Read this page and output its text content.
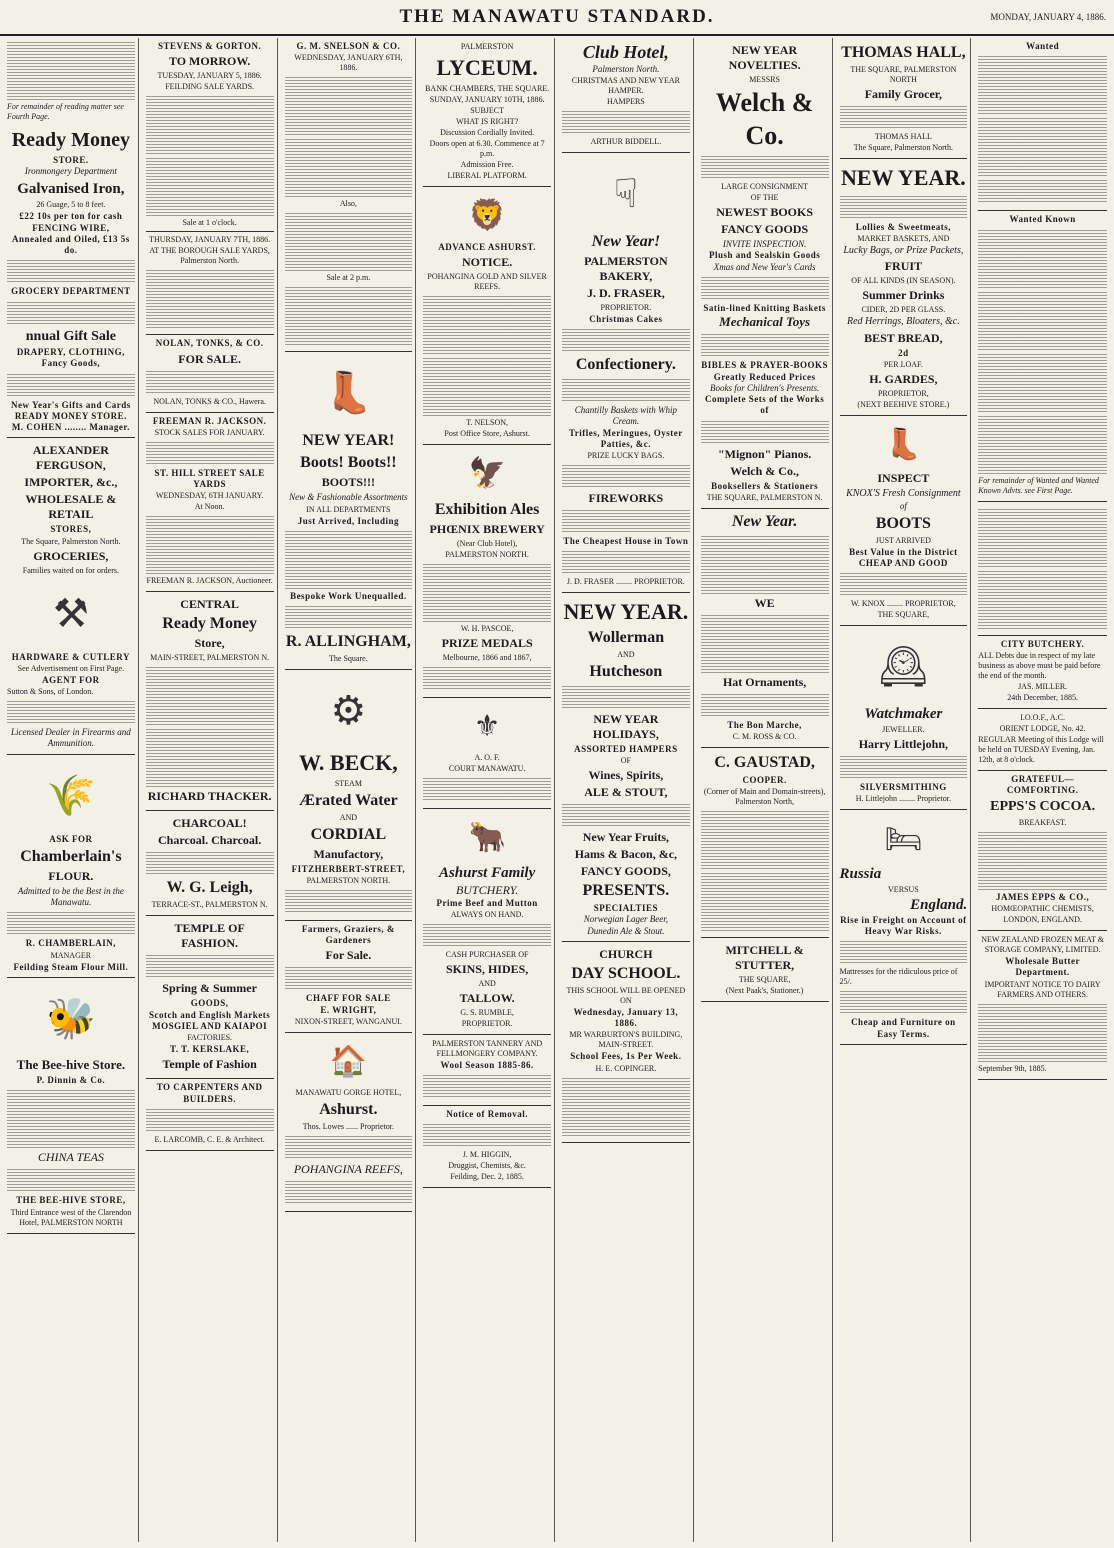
THE MANAWATU STANDARD.	MONDAY, JANUARY 4, 1886.
For remainder of reading matter see Fourth Page.
Ready Money
STORE.
Ironmongery Department
Galvanised Iron,
26 Guage, 5 to 8 feet.
£22 10s per ton for cash
FENCING WIRE,
Annealed and Oiled, £13 5s do.
GROCERY DEPARTMENT
nnual Gift Sale
DRAPERY, CLOTHING,
Fancy Goods,
New Year's Gifts and Cards
READY MONEY STORE.
M. COHEN ........ Manager.
ALEXANDER FERGUSON,
IMPORTER, &c.,
WHOLESALE & RETAIL
STORES,
The Square, Palmerston North.
GROCERIES,
Families waited on for orders.
⚒
HARDWARE & CUTLERY
See Advertisement on First Page.
AGENT FOR
Sutton & Sons, of London.
Licensed Dealer in Firearms and Ammunition.
🌾
ASK FOR
Chamberlain's
FLOUR.
Admitted to be the Best in the Manawatu.
R. CHAMBERLAIN,
MANAGER
Feilding Steam Flour Mill.
🐝
The Bee-hive Store.
P. Dinnin & Co.
CHINA TEAS
THE BEE-HIVE STORE,
Third Entrance west of the Clarendon Hotel, PALMERSTON NORTH
STEVENS & GORTON.
TO MORROW.
TUESDAY, JANUARY 5, 1886.
FEILDING SALE YARDS.
Sale at 1 o'clock.
THURSDAY, JANUARY 7TH, 1886.
AT THE BOROUGH SALE YARDS, Palmerston North.
NOLAN, TONKS, & CO.
FOR SALE.
NOLAN, TONKS & CO., Hawera.
FREEMAN R. JACKSON.
STOCK SALES FOR JANUARY.
ST. HILL STREET SALE YARDS
WEDNESDAY, 6TH JANUARY.
At Noon.
FREEMAN R. JACKSON, Auctioneer.
CENTRAL
Ready Money
Store,
MAIN-STREET, PALMERSTON N.
RICHARD THACKER.
CHARCOAL!
Charcoal. Charcoal.
W. G. Leigh,
TERRACE-ST., PALMERSTON N.
TEMPLE OF FASHION.
Spring & Summer
GOODS,
Scotch and English Markets
MOSGIEL AND KAIAPOI
FACTORIES.
T. T. KERSLAKE,
Temple of Fashion
TO CARPENTERS AND BUILDERS.
E. LARCOMB, C. E. & Architect.
G. M. SNELSON & CO.
WEDNESDAY, JANUARY 6TH, 1886.
Also,
Sale at 2 p.m.
👢
NEW YEAR!
Boots! Boots!!
BOOTS!!!
New & Fashionable Assortments
IN ALL DEPARTMENTS
Just Arrived, Including
Bespoke Work Unequalled.
R. ALLINGHAM,
The Square.
⚙
W. BECK,
STEAM
Ærated Water
AND
CORDIAL
Manufactory,
FITZHERBERT-STREET,
PALMERSTON NORTH.
Farmers, Graziers, & Gardeners
For Sale.
CHAFF FOR SALE
E. WRIGHT,
NIXON-STREET, WANGANUI.
🏠
MANAWATU GORGE HOTEL,
Ashurst.
Thos. Lowes ...... Proprietor.
POHANGINA REEFS,
PALMERSTON
LYCEUM.
BANK CHAMBERS, THE SQUARE.
SUNDAY, JANUARY 10TH, 1886.
SUBJECT
WHAT IS RIGHT?
Discussion Cordially Invited.
Doors open at 6.30. Commence at 7 p.m.
Admission Free.
LIBERAL PLATFORM.
🦁
ADVANCE ASHURST.
NOTICE.
POHANGINA GOLD AND SILVER REEFS.
T. NELSON,
Post Office Store, Ashurst.
🦅
Exhibition Ales
PHŒNIX BREWERY
(Near Club Hotel),
PALMERSTON NORTH.
W. H. PASCOE,
PRIZE MEDALS
Melbourne, 1866 and 1867,
⚜
A. O. F.
COURT MANAWATU.
🐂
Ashurst Family
BUTCHERY.
Prime Beef and Mutton
ALWAYS ON HAND.
CASH PURCHASER OF
SKINS, HIDES,
AND
TALLOW.
G. S. RUMBLE,
PROPRIETOR.
PALMERSTON TANNERY AND FELLMONGERY COMPANY.
Wool Season 1885-86.
Notice of Removal.
J. M. HIGGIN,
Druggist, Chemists, &c.
Feilding, Dec. 2, 1885.
Club Hotel,
Palmerston North.
CHRISTMAS AND NEW YEAR HAMPER.
HAMPERS
ARTHUR BIDDELL.
☟
New Year!
PALMERSTON BAKERY,
J. D. FRASER,
PROPRIETOR.
Christmas Cakes
Confectionery.
Chantilly Baskets with Whip Cream.
Trifles, Meringues, Oyster Patties, &c.
PRIZE LUCKY BAGS.
FIREWORKS
The Cheapest House in Town
J. D. FRASER ........ PROPRIETOR.
NEW YEAR.
Wollerman
AND
Hutcheson
NEW YEAR HOLIDAYS,
ASSORTED HAMPERS
OF
Wines, Spirits,
ALE & STOUT,
New Year Fruits,
Hams & Bacon, &c,
FANCY GOODS,
PRESENTS.
SPECIALTIES
Norwegian Lager Beer,
Dunedin Ale & Stout.
CHURCH
DAY SCHOOL.
THIS SCHOOL WILL BE OPENED ON
Wednesday, January 13, 1886.
MR WARBURTON'S BUILDING, MAIN-STREET.
School Fees, 1s Per Week.
H. E. COPINGER.
NEW YEAR NOVELTIES.
MESSRS
Welch & Co.
LARGE CONSIGNMENT
OF THE
NEWEST BOOKS
FANCY GOODS
INVITE INSPECTION.
Plush and Sealskin Goods
Xmas and New Year's Cards
Satin-lined Knitting Baskets
Mechanical Toys
BIBLES & PRAYER-BOOKS
Greatly Reduced Prices
Books for Children's Presents.
Complete Sets of the Works of
"Mignon" Pianos.
Welch & Co.,
Booksellers & Stationers
THE SQUARE, PALMERSTON N.
New Year.
WE
Hat Ornaments,
The Bon Marche,
C. M. ROSS & CO.
C. GAUSTAD,
COOPER.
(Corner of Main and Domain-streets), Palmerston North,
MITCHELL & STUTTER,
THE SQUARE,
(Next Paak's, Stationer.)
THOMAS HALL,
THE SQUARE, PALMERSTON NORTH
Family Grocer,
THOMAS HALL
The Square, Palmerston North.
NEW YEAR.
Lollies & Sweetmeats,
MARKET BASKETS, AND
Lucky Bags, or Prize Packets,
FRUIT
OF ALL KINDS (IN SEASON).
Summer Drinks
CIDER, 2D PER GLASS.
Red Herrings, Bloaters, &c.
BEST BREAD,
2d
PER LOAF.
H. GARDES,
PROPRIETOR,
(NEXT BEEHIVE STORE.)
👢
INSPECT
KNOX'S Fresh Consignment
of
BOOTS
JUST ARRIVED
Best Value in the District
CHEAP AND GOOD
W. KNOX ........ PROPRIETOR,
THE SQUARE,
🕰
Watchmaker
JEWELLER.
Harry Littlejohn,
SILVERSMITHING
H. Littlejohn ........ Proprietor.
🛏
Russia
VERSUS
England.
Rise in Freight on Account of Heavy War Risks.
Mattresses for the ridiculous price of 25/.
Cheap and Furniture on Easy Terms.
Wanted
Wanted Known
For remainder of Wanted and Wanted Known Advts. see First Page.
CITY BUTCHERY.
ALL Debts due in respect of my late business as above must be paid before the end of the month.
JAS. MILLER.
24th December, 1885.
I.O.O.F., A.C.
ORIENT LODGE, No. 42.
REGULAR Meeting of this Lodge will be held on TUESDAY Evening, Jan. 12th, at 8 o'clock.
GRATEFUL—COMFORTING.
EPPS'S COCOA.
BREAKFAST.
JAMES EPPS & CO.,
HOMŒOPATHIC CHEMISTS,
LONDON, ENGLAND.
NEW ZEALAND FROZEN MEAT & STORAGE COMPANY, LIMITED.
Wholesale Butter Department.
IMPORTANT NOTICE TO DAIRY FARMERS AND OTHERS.
September 9th, 1885.
